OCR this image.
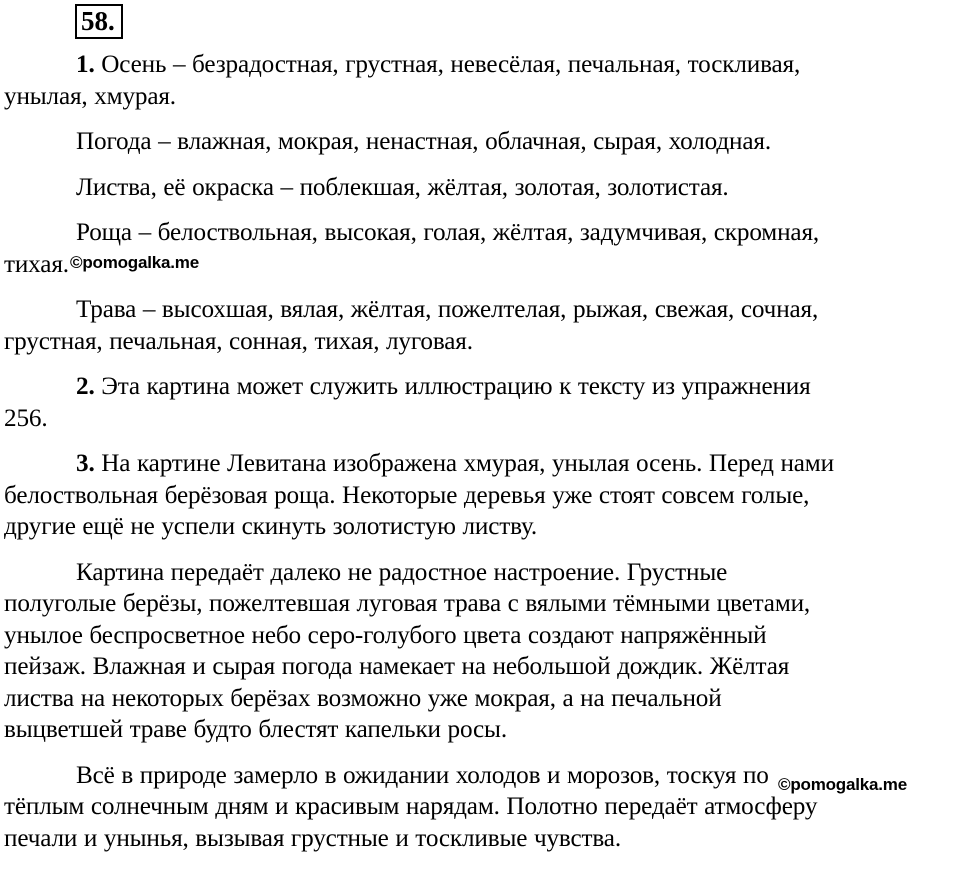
58.

1. Осень – безрадостная, грустная, невесёлая, печальная, тоскливая,
унылая, хмурая.

Погода – влажная, мокрая, ненастная, облачная, сырая, холодная.

Листва, её окраска – поблекшая, жёлтая, золотая, золотистая.

Роща – белоствольная, высокая, голая, жёлтая, задумчивая, скромная,
тихая.

Трава – высохшая, вялая, жёлтая, пожелтелая, рыжая, свежая, сочная,
грустная, печальная, сонная, тихая, луговая.

2. Эта картина может служить иллюстрацию к тексту из упражнения
256.

3. На картине Левитана изображена хмурая, унылая осень. Перед нами
белоствольная берёзовая роща. Некоторые деревья уже стоят совсем голые,
другие ещё не успели скинуть золотистую листву.

Картина передаёт далеко не радостное настроение. Грустные
полуголые берёзы, пожелтевшая луговая трава с вялыми тёмными цветами,
унылое беспросветное небо серо-голубого цвета создают напряжённый
пейзаж. Влажная и сырая погода намекает на небольшой дождик. Жёлтая
листва на некоторых берёзах возможно уже мокрая, а на печальной
выцветшей траве будто блестят капельки росы.

Всё в природе замерло в ожидании холодов и морозов, тоскуя по
тёплым солнечным дням и красивым нарядам. Полотно передаёт атмосферу
печали и унынья, вызывая грустные и тоскливые чувства.

©pomogalka.me
©pomogalka.me
